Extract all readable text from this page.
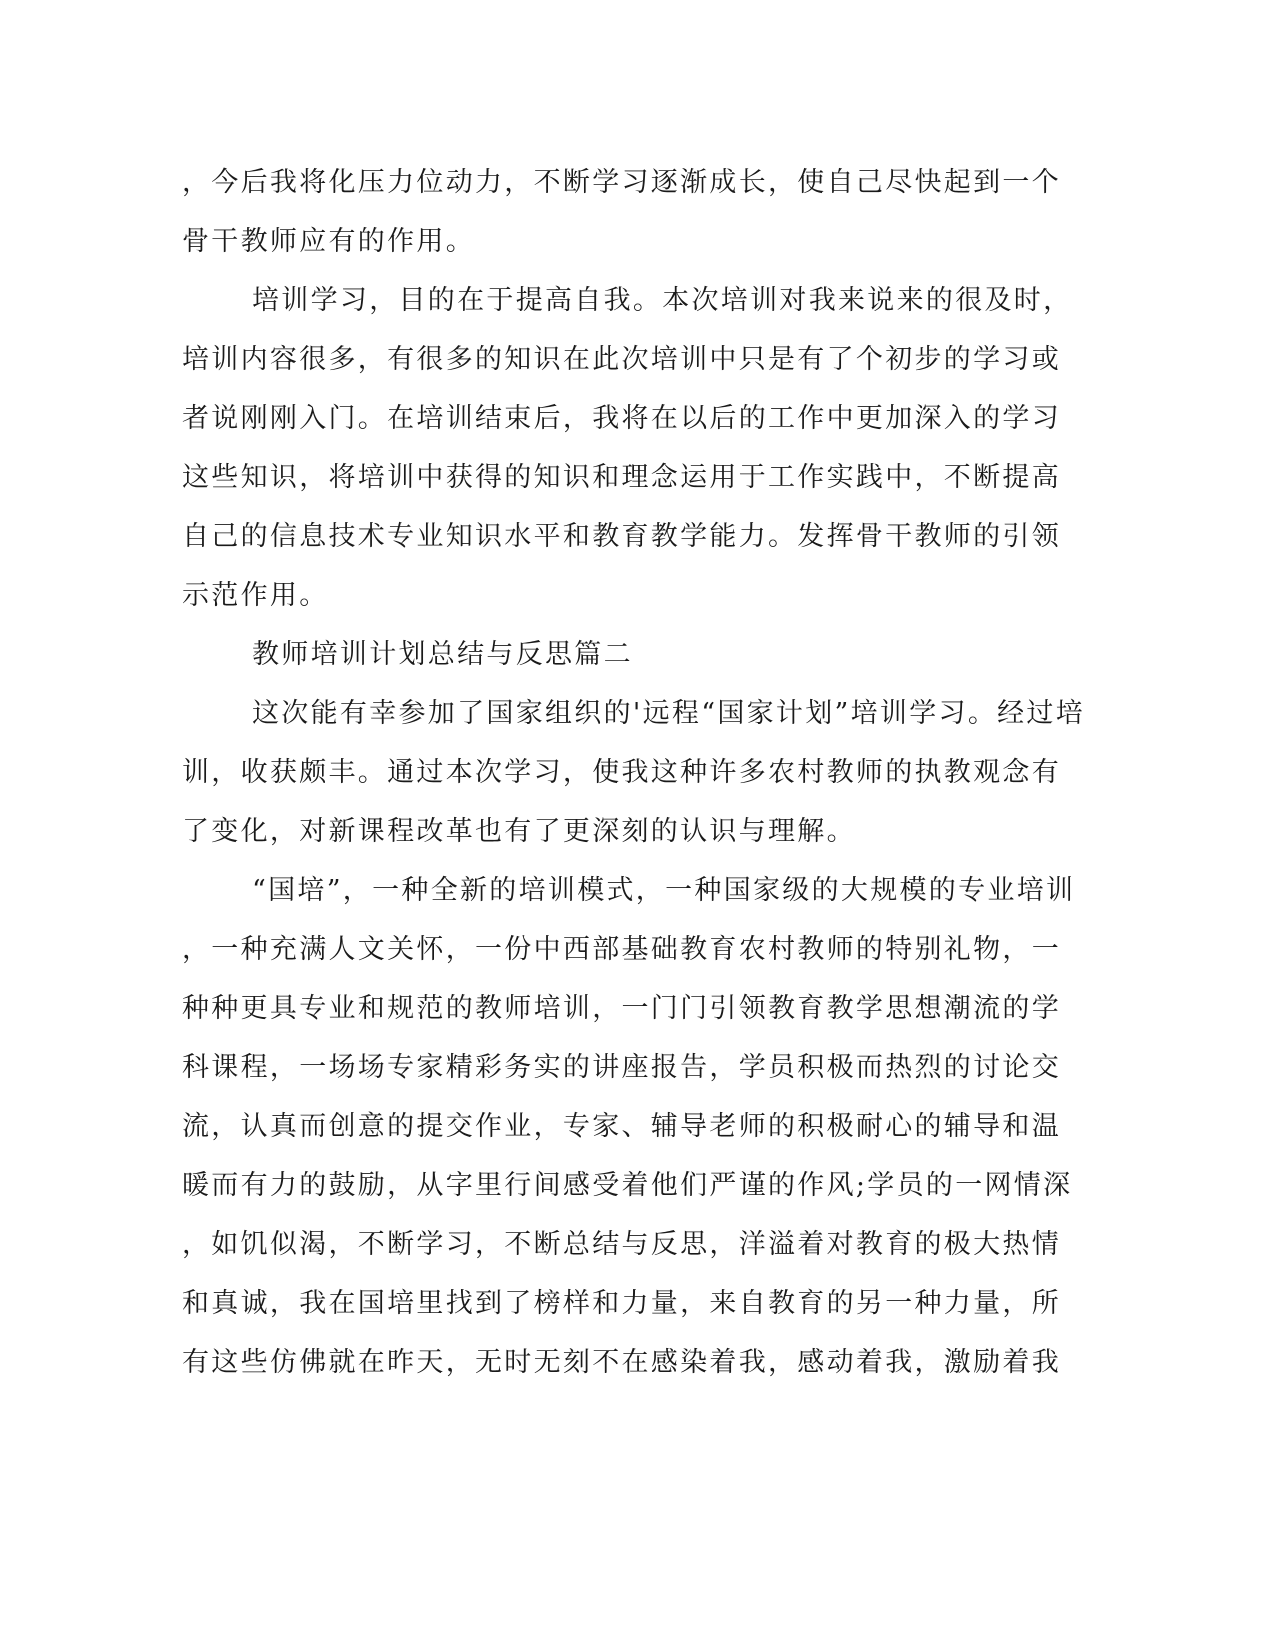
，今后我将化压力位动力，不断学习逐渐成长，使自己尽快起到一个
骨干教师应有的作用。
培训学习，目的在于提高自我。本次培训对我来说来的很及时，
培训内容很多，有很多的知识在此次培训中只是有了个初步的学习或
者说刚刚入门。在培训结束后，我将在以后的工作中更加深入的学习
这些知识，将培训中获得的知识和理念运用于工作实践中，不断提高
自己的信息技术专业知识水平和教育教学能力。发挥骨干教师的引领
示范作用。
教师培训计划总结与反思篇二
这次能有幸参加了国家组织的'远程“国家计划”培训学习。经过培
训，收获颇丰。通过本次学习，使我这种许多农村教师的执教观念有
了变化，对新课程改革也有了更深刻的认识与理解。
“国培”，一种全新的培训模式，一种国家级的大规模的专业培训
，一种充满人文关怀，一份中西部基础教育农村教师的特别礼物，一
种种更具专业和规范的教师培训，一门门引领教育教学思想潮流的学
科课程，一场场专家精彩务实的讲座报告，学员积极而热烈的讨论交
流，认真而创意的提交作业，专家、辅导老师的积极耐心的辅导和温
暖而有力的鼓励，从字里行间感受着他们严谨的作风;学员的一网情深
，如饥似渴，不断学习，不断总结与反思，洋溢着对教育的极大热情
和真诚，我在国培里找到了榜样和力量，来自教育的另一种力量，所
有这些仿佛就在昨天，无时无刻不在感染着我，感动着我，激励着我
